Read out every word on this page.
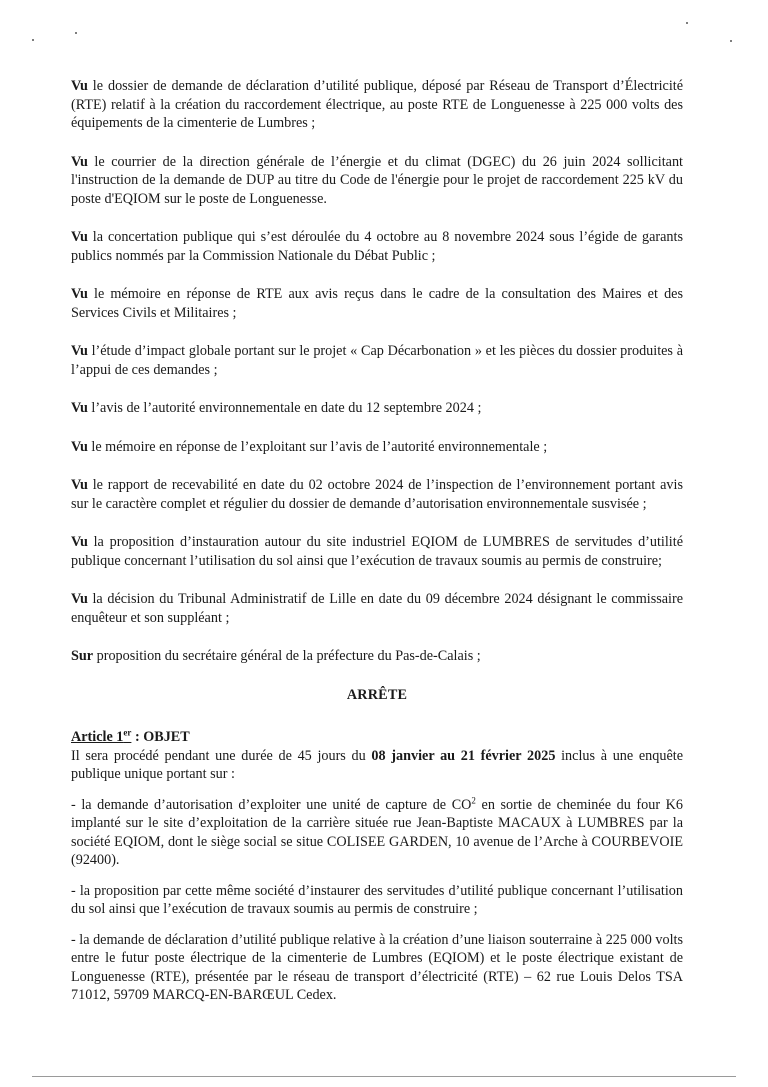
Vu le dossier de demande de déclaration d’utilité publique, déposé par Réseau de Transport d’Électricité (RTE) relatif à la création du raccordement électrique, au poste RTE de Longuenesse à 225 000 volts des équipements de la cimenterie de Lumbres ;

Vu le courrier de la direction générale de l’énergie et du climat (DGEC) du 26 juin 2024 sollicitant l'instruction de la demande de DUP au titre du Code de l'énergie pour le projet de raccordement 225 kV du poste d'EQIOM sur le poste de Longuenesse.

Vu la concertation publique qui s’est déroulée du 4 octobre au 8 novembre 2024 sous l’égide de garants publics nommés par la Commission Nationale du Débat Public ;

Vu le mémoire en réponse de RTE aux avis reçus dans le cadre de la consultation des Maires et des Services Civils et Militaires ;

Vu l’étude d’impact globale portant sur le projet « Cap Décarbonation » et les pièces du dossier produites à l’appui de ces demandes ;

Vu l’avis de l’autorité environnementale en date du 12 septembre 2024 ;

Vu le mémoire en réponse de l’exploitant sur l’avis de l’autorité environnementale ;

Vu le rapport de recevabilité en date du 02 octobre 2024 de l’inspection de l’environnement portant avis sur le caractère complet et régulier du dossier de demande d’autorisation environnementale susvisée ;

Vu la proposition d’instauration autour du site industriel EQIOM de LUMBRES de servitudes d’utilité publique concernant l’utilisation du sol ainsi que l’exécution de travaux soumis au permis de construire;

Vu la décision du Tribunal Administratif de Lille en date du 09 décembre 2024 désignant le commissaire enquêteur et son suppléant ;

Sur proposition du secrétaire général de la préfecture du Pas-de-Calais ;

ARRÊTE

Article 1er : OBJET

Il sera procédé pendant une durée de 45 jours du 08 janvier au 21 février 2025 inclus à une enquête publique unique portant sur :

- la demande d’autorisation d’exploiter une unité de capture de $CO^2$ en sortie de cheminée du four K6 implanté sur le site d’exploitation de la carrière située rue Jean-Baptiste MACAUX à LUMBRES par la société EQIOM, dont le siège social se situe COLISEE GARDEN, 10 avenue de l’Arche à COURBEVOIE (92400).

- la proposition par cette même société d’instaurer des servitudes d’utilité publique concernant l’utilisation du sol ainsi que l’exécution de travaux soumis au permis de construire ;

- la demande de déclaration d’utilité publique relative à la création d’une liaison souterraine à 225 000 volts entre le futur poste électrique de la cimenterie de Lumbres (EQIOM) et le poste électrique existant de Longuenesse (RTE), présentée par le réseau de transport d’électricité (RTE) – 62 rue Louis Delos TSA 71012, 59709 MARCQ-EN-BARŒUL Cedex.
